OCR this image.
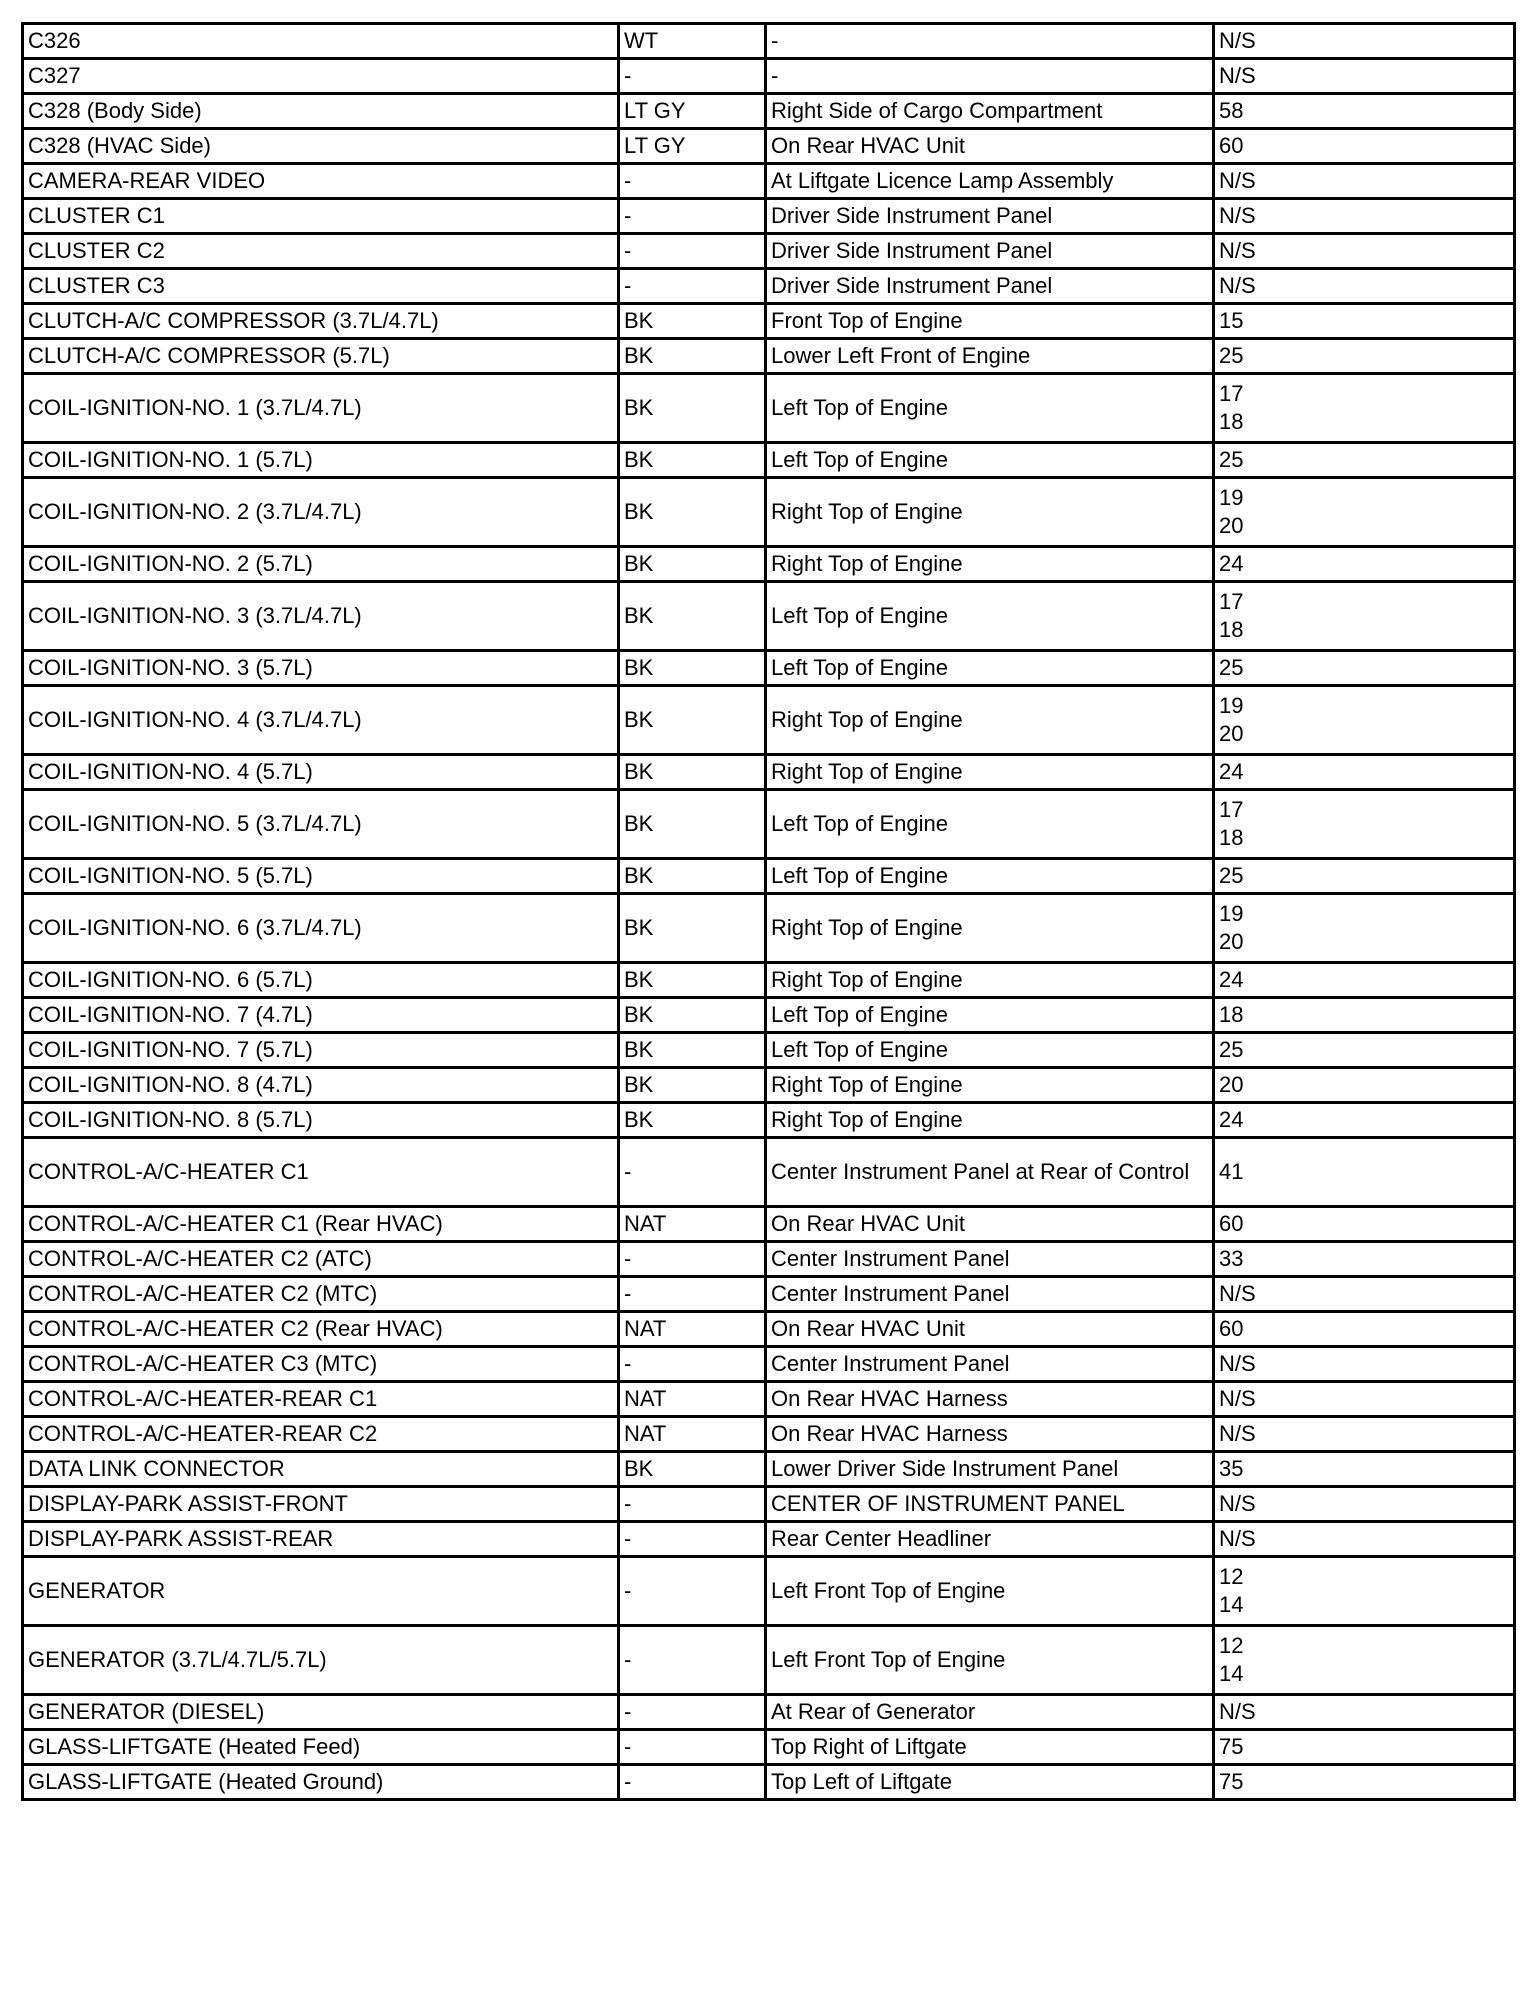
C326	WT	-	N/S

C327	-	-	N/S

C328 (Body Side)	LT GY	Right Side of Cargo Compartment	58

C328 (HVAC Side)	LT GY	On Rear HVAC Unit	60

CAMERA-REAR VIDEO	-	At Liftgate Licence Lamp Assembly	N/S

CLUSTER C1	-	Driver Side Instrument Panel	N/S

CLUSTER C2	-	Driver Side Instrument Panel	N/S

CLUSTER C3	-	Driver Side Instrument Panel	N/S

CLUTCH-A/C COMPRESSOR (3.7L/4.7L)	BK	Front Top of Engine	15

CLUTCH-A/C COMPRESSOR (5.7L)	BK	Lower Left Front of Engine	25

COIL-IGNITION-NO. 1 (3.7L/4.7L)	BK	Left Top of Engine	17
18

COIL-IGNITION-NO. 1 (5.7L)	BK	Left Top of Engine	25

COIL-IGNITION-NO. 2 (3.7L/4.7L)	BK	Right Top of Engine	19
20

COIL-IGNITION-NO. 2 (5.7L)	BK	Right Top of Engine	24

COIL-IGNITION-NO. 3 (3.7L/4.7L)	BK	Left Top of Engine	17
18

COIL-IGNITION-NO. 3 (5.7L)	BK	Left Top of Engine	25

COIL-IGNITION-NO. 4 (3.7L/4.7L)	BK	Right Top of Engine	19
20

COIL-IGNITION-NO. 4 (5.7L)	BK	Right Top of Engine	24

COIL-IGNITION-NO. 5 (3.7L/4.7L)	BK	Left Top of Engine	17
18

COIL-IGNITION-NO. 5 (5.7L)	BK	Left Top of Engine	25

COIL-IGNITION-NO. 6 (3.7L/4.7L)	BK	Right Top of Engine	19
20

COIL-IGNITION-NO. 6 (5.7L)	BK	Right Top of Engine	24

COIL-IGNITION-NO. 7 (4.7L)	BK	Left Top of Engine	18

COIL-IGNITION-NO. 7 (5.7L)	BK	Left Top of Engine	25

COIL-IGNITION-NO. 8 (4.7L)	BK	Right Top of Engine	20

COIL-IGNITION-NO. 8 (5.7L)	BK	Right Top of Engine	24

CONTROL-A/C-HEATER C1	-	Center Instrument Panel at Rear of Control	41

CONTROL-A/C-HEATER C1 (Rear HVAC)	NAT	On Rear HVAC Unit	60

CONTROL-A/C-HEATER C2 (ATC)	-	Center Instrument Panel	33

CONTROL-A/C-HEATER C2 (MTC)	-	Center Instrument Panel	N/S

CONTROL-A/C-HEATER C2 (Rear HVAC)	NAT	On Rear HVAC Unit	60

CONTROL-A/C-HEATER C3 (MTC)	-	Center Instrument Panel	N/S

CONTROL-A/C-HEATER-REAR C1	NAT	On Rear HVAC Harness	N/S

CONTROL-A/C-HEATER-REAR C2	NAT	On Rear HVAC Harness	N/S

DATA LINK CONNECTOR	BK	Lower Driver Side Instrument Panel	35

DISPLAY-PARK ASSIST-FRONT	-	CENTER OF INSTRUMENT PANEL	N/S

DISPLAY-PARK ASSIST-REAR	-	Rear Center Headliner	N/S

GENERATOR	-	Left Front Top of Engine	12
14

GENERATOR (3.7L/4.7L/5.7L)	-	Left Front Top of Engine	12
14

GENERATOR (DIESEL)	-	At Rear of Generator	N/S

GLASS-LIFTGATE (Heated Feed)	-	Top Right of Liftgate	75

GLASS-LIFTGATE (Heated Ground)	-	Top Left of Liftgate	75
